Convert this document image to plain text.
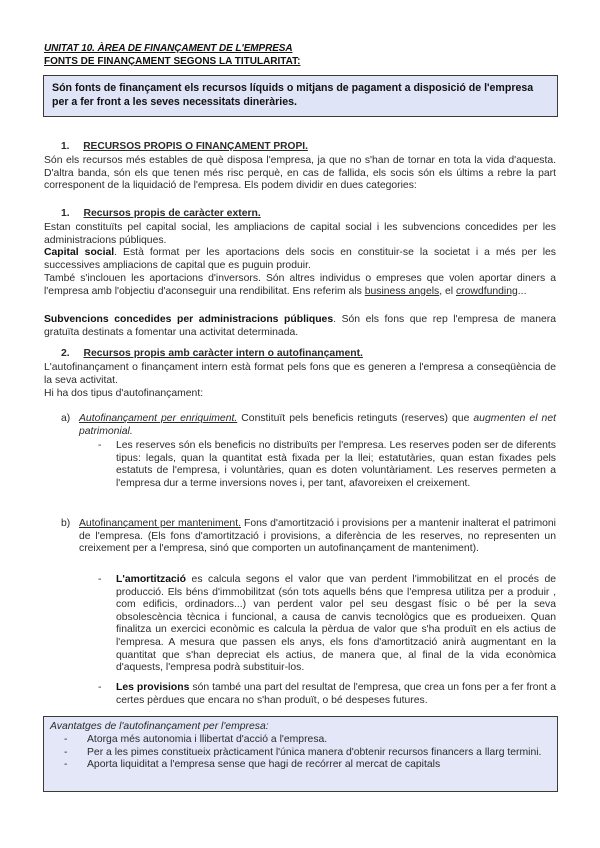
UNITAT 10. ÀREA DE FINANÇAMENT DE L'EMPRESA
FONTS DE FINANÇAMENT SEGONS LA TITULARITAT:
Són fonts de finançament els recursos líquids o mitjans de pagament a disposició de l'empresa per a fer front a les seves necessitats dineràries.
1. RECURSOS PROPIS O FINANÇAMENT PROPI.
Són els recursos més estables de què disposa l'empresa, ja que no s'han de tornar en tota la vida d'aquesta. D'altra banda, són els que tenen més risc perquè, en cas de fallida, els socis són els últims a rebre la part corresponent de la liquidació de l'empresa. Els podem dividir en dues categories:
1. Recursos propis de caràcter extern.
Estan constituïts pel capital social, les ampliacions de capital social i les subvencions concedides per les administracions públiques.
Capital social. Està format per les aportacions dels socis en constituir-se la societat i a més per les successives ampliacions de capital que es puguin produir.
També s'inclouen les aportacions d'inversors. Són altres individus o empreses que volen aportar diners a l'empresa amb l'objectiu d'aconseguir una rendibilitat. Ens referim als business angels, el crowdfunding...
Subvencions concedides per administracions públiques. Són els fons que rep l'empresa de manera gratuïta destinats a fomentar una activitat determinada.
2. Recursos propis amb caràcter intern o autofinançament.
L'autofinançament o finançament intern està format pels fons que es generen a l'empresa a conseqüència de la seva activitat.
Hi ha dos tipus d'autofinançament:
a) Autofinançament per enriquiment. Constituït pels beneficis retinguts (reserves) que augmenten el net patrimonial.
- Les reserves són els beneficis no distribuïts per l'empresa. Les reserves poden ser de diferents tipus: legals, quan la quantitat està fixada per la llei; estatutàries, quan estan fixades pels estatuts de l'empresa, i voluntàries, quan es doten voluntàriament. Les reserves permeten a l'empresa dur a terme inversions noves i, per tant, afavoreixen el creixement.
b) Autofinançament per manteniment. Fons d'amortització i provisions per a mantenir inalterat el patrimoni de l'empresa. (Els fons d'amortització i provisions, a diferència de les reserves, no representen un creixement per a l'empresa, sinó que comporten un autofinançament de manteniment).
- L'amortització es calcula segons el valor que van perdent l'immobilitzat en el procés de producció. Els béns d'immobilitzat (són tots aquells béns que l'empresa utilitza per a produir , com edificis, ordinadors...) van perdent valor pel seu desgast físic o bé per la seva obsolescència tècnica i funcional, a causa de canvis tecnològics que es produeixen. Quan finalitza un exercici econòmic es calcula la pèrdua de valor que s'ha produït en els actius de l'empresa. A mesura que passen els anys, els fons d'amortització anirà augmentant en la quantitat que s'han depreciat els actius, de manera que, al final de la vida econòmica d'aquests, l'empresa podrà substituir-los.
- Les provisions són també una part del resultat de l'empresa, que crea un fons per a fer front a certes pèrdues que encara no s'han produït, o bé despeses futures.
Avantatges de l'autofinançament per l'empresa:
- Atorga més autonomia i llibertat d'acció a l'empresa.
- Per a les pimes constitueix pràcticament l'única manera d'obtenir recursos financers a llarg termini.
- Aporta liquiditat a l'empresa sense que hagi de recórrer al mercat de capitals
